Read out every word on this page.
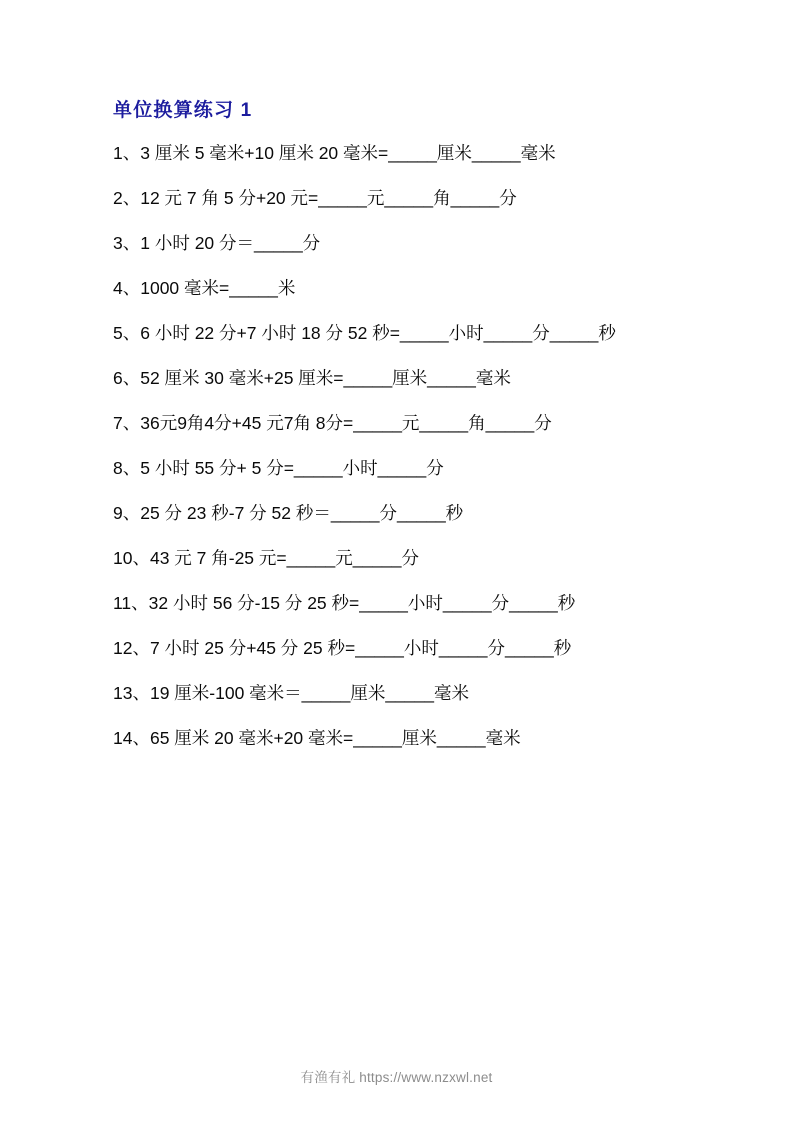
单位换算练习 1
1、3 厘米 5 毫米+10 厘米 20 毫米=_____厘米_____毫米
2、12 元 7 角 5 分+20 元=_____元_____角_____分
3、1 小时 20 分＝_____分
4、1000 毫米=_____米
5、6 小时 22 分+7 小时 18 分 52 秒=_____小时_____分_____秒
6、52 厘米 30 毫米+25 厘米=_____厘米_____毫米
7、36元9角4分+45 元7角 8分=_____元_____角_____分
8、5 小时 55 分+ 5 分=_____小时_____分
9、25 分 23 秒-7 分 52 秒＝_____分_____秒
10、43 元 7 角-25 元=_____元_____分
11、32 小时 56 分-15 分 25 秒=_____小时_____分_____秒
12、7 小时 25 分+45 分 25 秒=_____小时_____分_____秒
13、19 厘米-100 毫米＝_____厘米_____毫米
14、65 厘米 20 毫米+20 毫米=_____厘米_____毫米
有渔有礼 https://www.nzxwl.net
